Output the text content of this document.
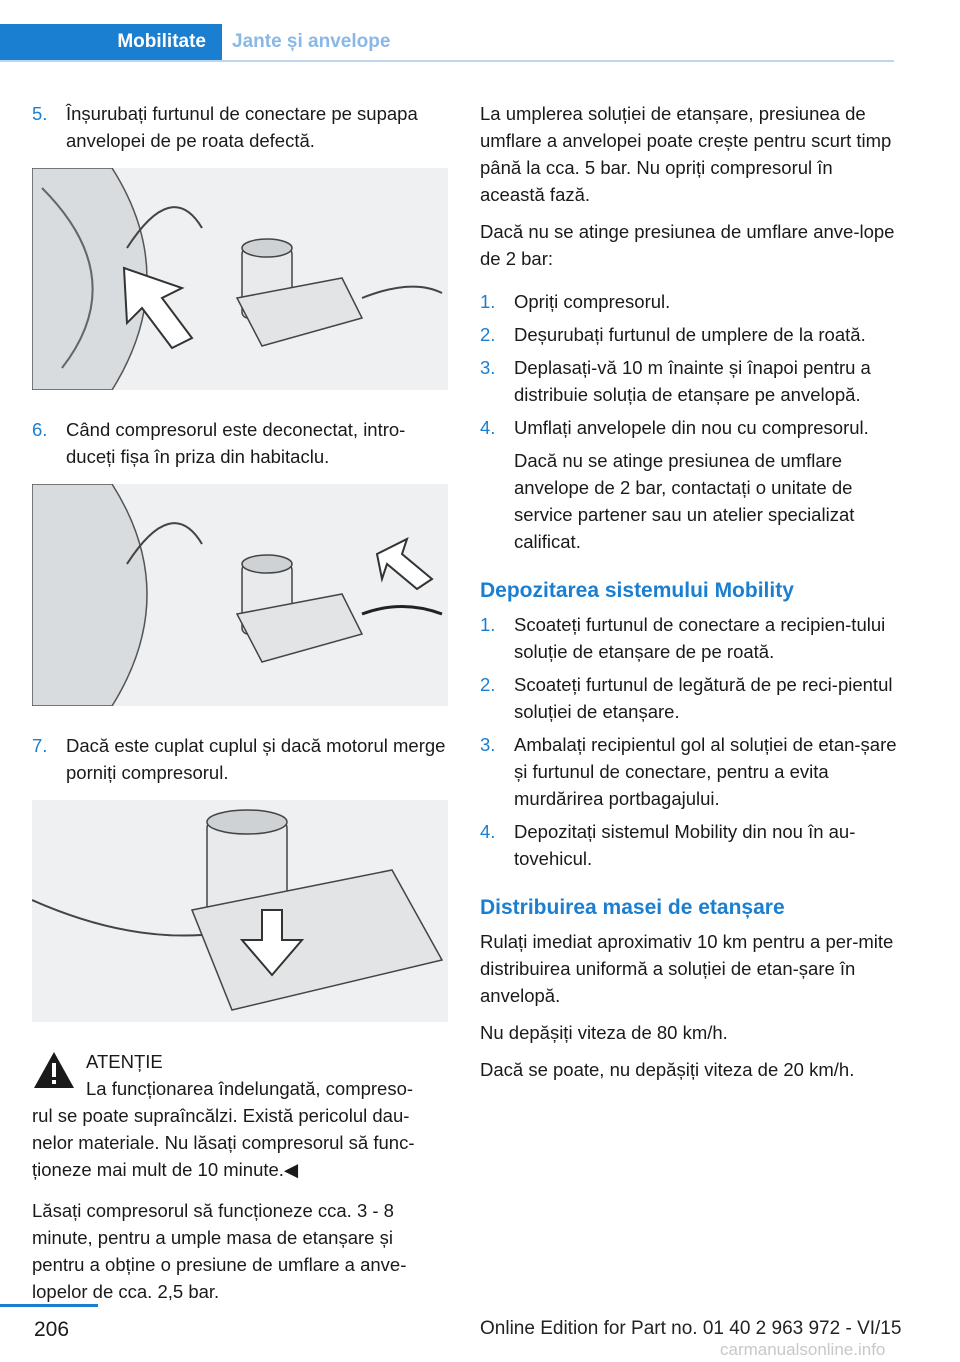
Mobilitate	Jante și anvelope
5. Înșurubați furtunul de conectare pe supapa anvelopei de pe roata defectă.
6. Când compresorul este deconectat, intro‐duceți fișa în priza din habitaclu.
7. Dacă este cuplat cuplul și dacă motorul merge porniți compresorul.
ATENȚIE
La funcționarea îndelungată, compreso‐
rul se poate supraîncălzi. Există pericolul dau‐nelor materiale. Nu lăsați compresorul să func‐ționeze mai mult de 10 minute.◀

Lăsați compresorul să funcționeze cca. 3 - 8 minute, pentru a umple masa de etanșare și pentru a obține o presiune de umflare a anve‐lopelor de cca. 2,5 bar.

La umplerea soluției de etanșare, presiunea de umflare a anvelopei poate crește pentru scurt timp până la cca. 5 bar. Nu opriți compresorul în această fază.

Dacă nu se atinge presiunea de umflare anve‐lope de 2 bar:

1. Opriți compresorul.
2. Deșurubați furtunul de umplere de la roată.
3. Deplasați-vă 10 m înainte și înapoi pentru a distribuie soluția de etanșare pe anvelopă.
4. Umflați anvelopele din nou cu compresorul.
Dacă nu se atinge presiunea de umflare anvelope de 2 bar, contactați o unitate de service partener sau un atelier specializat calificat.
Depozitarea sistemului Mobility
1. Scoateți furtunul de conectare a recipien‐tului soluție de etanșare de pe roată.
2. Scoateți furtunul de legătură de pe reci‐pientul soluției de etanșare.
3. Ambalați recipientul gol al soluției de etan‐șare și furtunul de conectare, pentru a evita murdărirea portbagajului.
4. Depozitați sistemul Mobility din nou în au‐tovehicul.
Distribuirea masei de etanșare

Rulați imediat aproximativ 10 km pentru a per‐mite distribuirea uniformă a soluției de etan‐șare în anvelopă.

Nu depășiți viteza de 80 km/h.

Dacă se poate, nu depășiți viteza de 20 km/h.

206	Online Edition for Part no. 01 40 2 963 972 - VI/15
carmanualsonline.info
